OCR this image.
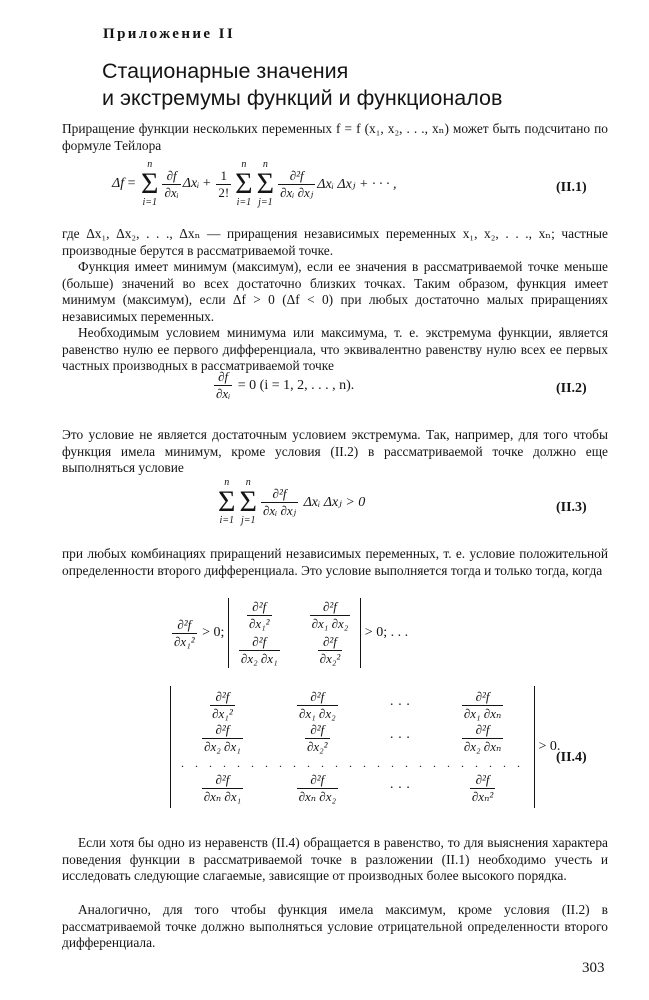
Приложение II
Стационарные значения
и экстремумы функций и функционалов

Приращение функции нескольких переменных f = f (x₁, x₂, . . ., xₙ) может быть подсчитано по формуле Тейлора

Δf =
n
Σ
i=1
$\frac{\partial f}{\text{∂xᵢ}}$ Δxᵢ + $\frac{1}{2!}$
n
Σ
i=1
n
Σ
j=1
$\frac{\text{∂²f}}{\text{∂xᵢ ∂xⱼ}}$ Δxᵢ Δxⱼ + · · · ,	(II.1)

где Δx₁, Δx₂, . . ., Δxₙ — приращения независимых переменных x₁, x₂, . . ., xₙ; частные производные берутся в рассматриваемой точке.

Функция имеет минимум (максимум), если ее значения в рассматриваемой точке меньше (больше) значений во всех достаточно близких точках. Таким образом, функция имеет минимум (максимум), если Δf > 0 (Δf < 0) при любых достаточно малых приращениях независимых переменных.

Необходимым условием минимума или максимума, т. е. экстремума функции, является равенство нулю ее первого дифференциала, что эквивалентно равенству нулю всех ее первых частных производных в рассматриваемой точке

$\frac{\partial f}{\text{∂xᵢ}}$
= 0 (i = 1, 2, . . . , n).	(II.2)

Это условие не является достаточным условием экстремума. Так, например, для того чтобы функция имела минимум, кроме условия (II.2) в рассматриваемой точке должно еще выполняться условие

n
Σ
i=1
n
Σ
j=1
$\frac{\text{∂²f}}{\text{∂xᵢ ∂xⱼ}}$
Δxᵢ Δxⱼ > 0	(II.3)

при любых комбинациях приращений независимых переменных, т. е. условие положительной определенности второго дифференциала. Это условие выполняется тогда и только тогда, когда

$\frac{\text{∂²f}}{\text{∂x₁²}}$
> 0;

$\frac{\text{∂²f}}{\text{∂x₁²}}$	$\frac{\text{∂²f}}{\text{∂x₁ ∂x₂}}$
$\frac{\text{∂²f}}{\text{∂x₂ ∂x₁}}$	$\frac{\text{∂²f}}{\text{∂x₂²}}$

> 0; . . .
$\frac{\text{∂²f}}{\text{∂x₁²}}$	$\frac{\text{∂²f}}{\text{∂x₁ ∂x₂}}$	· · ·	$\frac{\text{∂²f}}{\text{∂x₁ ∂xₙ}}$
$\frac{\text{∂²f}}{\text{∂x₂ ∂x₁}}$	$\frac{\text{∂²f}}{\text{∂x₂²}}$	· · ·	$\frac{\text{∂²f}}{\text{∂x₂ ∂xₙ}}$
. . . . . . . . . . . . . . . . . . . . . . . . .
$\frac{\text{∂²f}}{\text{∂xₙ ∂x₁}}$	$\frac{\text{∂²f}}{\text{∂xₙ ∂x₂}}$	· · ·	$\frac{\text{∂²f}}{\text{∂xₙ²}}$

> 0.
(II.4)

Если хотя бы одно из неравенств (II.4) обращается в равенство, то для выяснения характера поведения функции в рассматриваемой точке в разложении (II.1) необходимо учесть и исследовать следующие слагаемые, зависящие от производных более высокого порядка.

Аналогично, для того чтобы функция имела максимум, кроме условия (II.2) в рассматриваемой точке должно выполняться условие отрицательной определенности второго дифференциала.

303
